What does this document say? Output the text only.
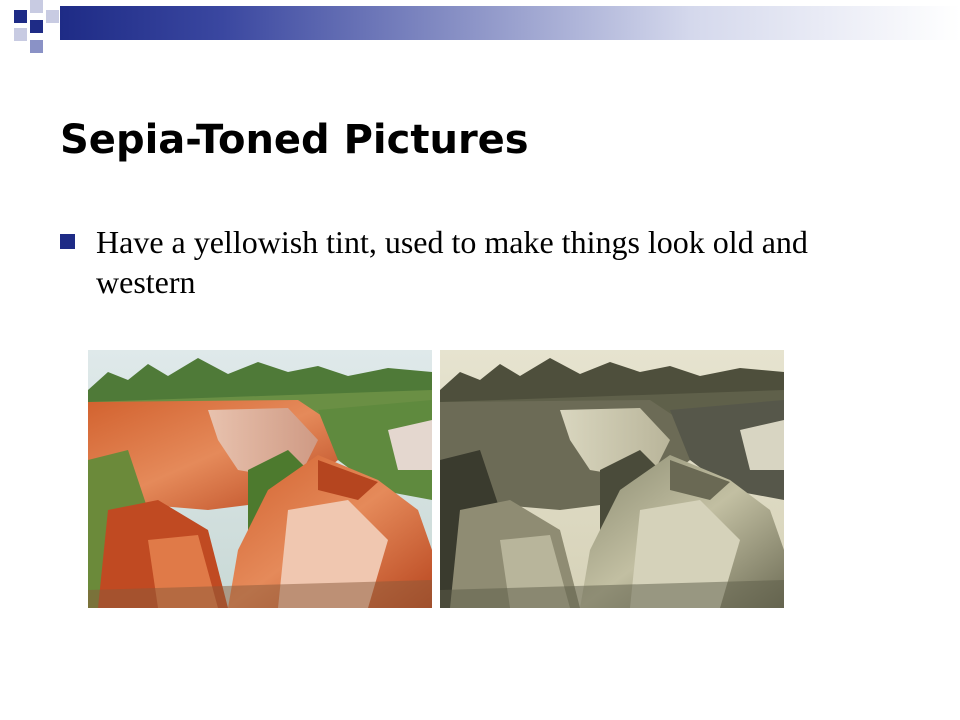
Sepia-Toned Pictures
Have a yellowish tint, used to make things look old and western
